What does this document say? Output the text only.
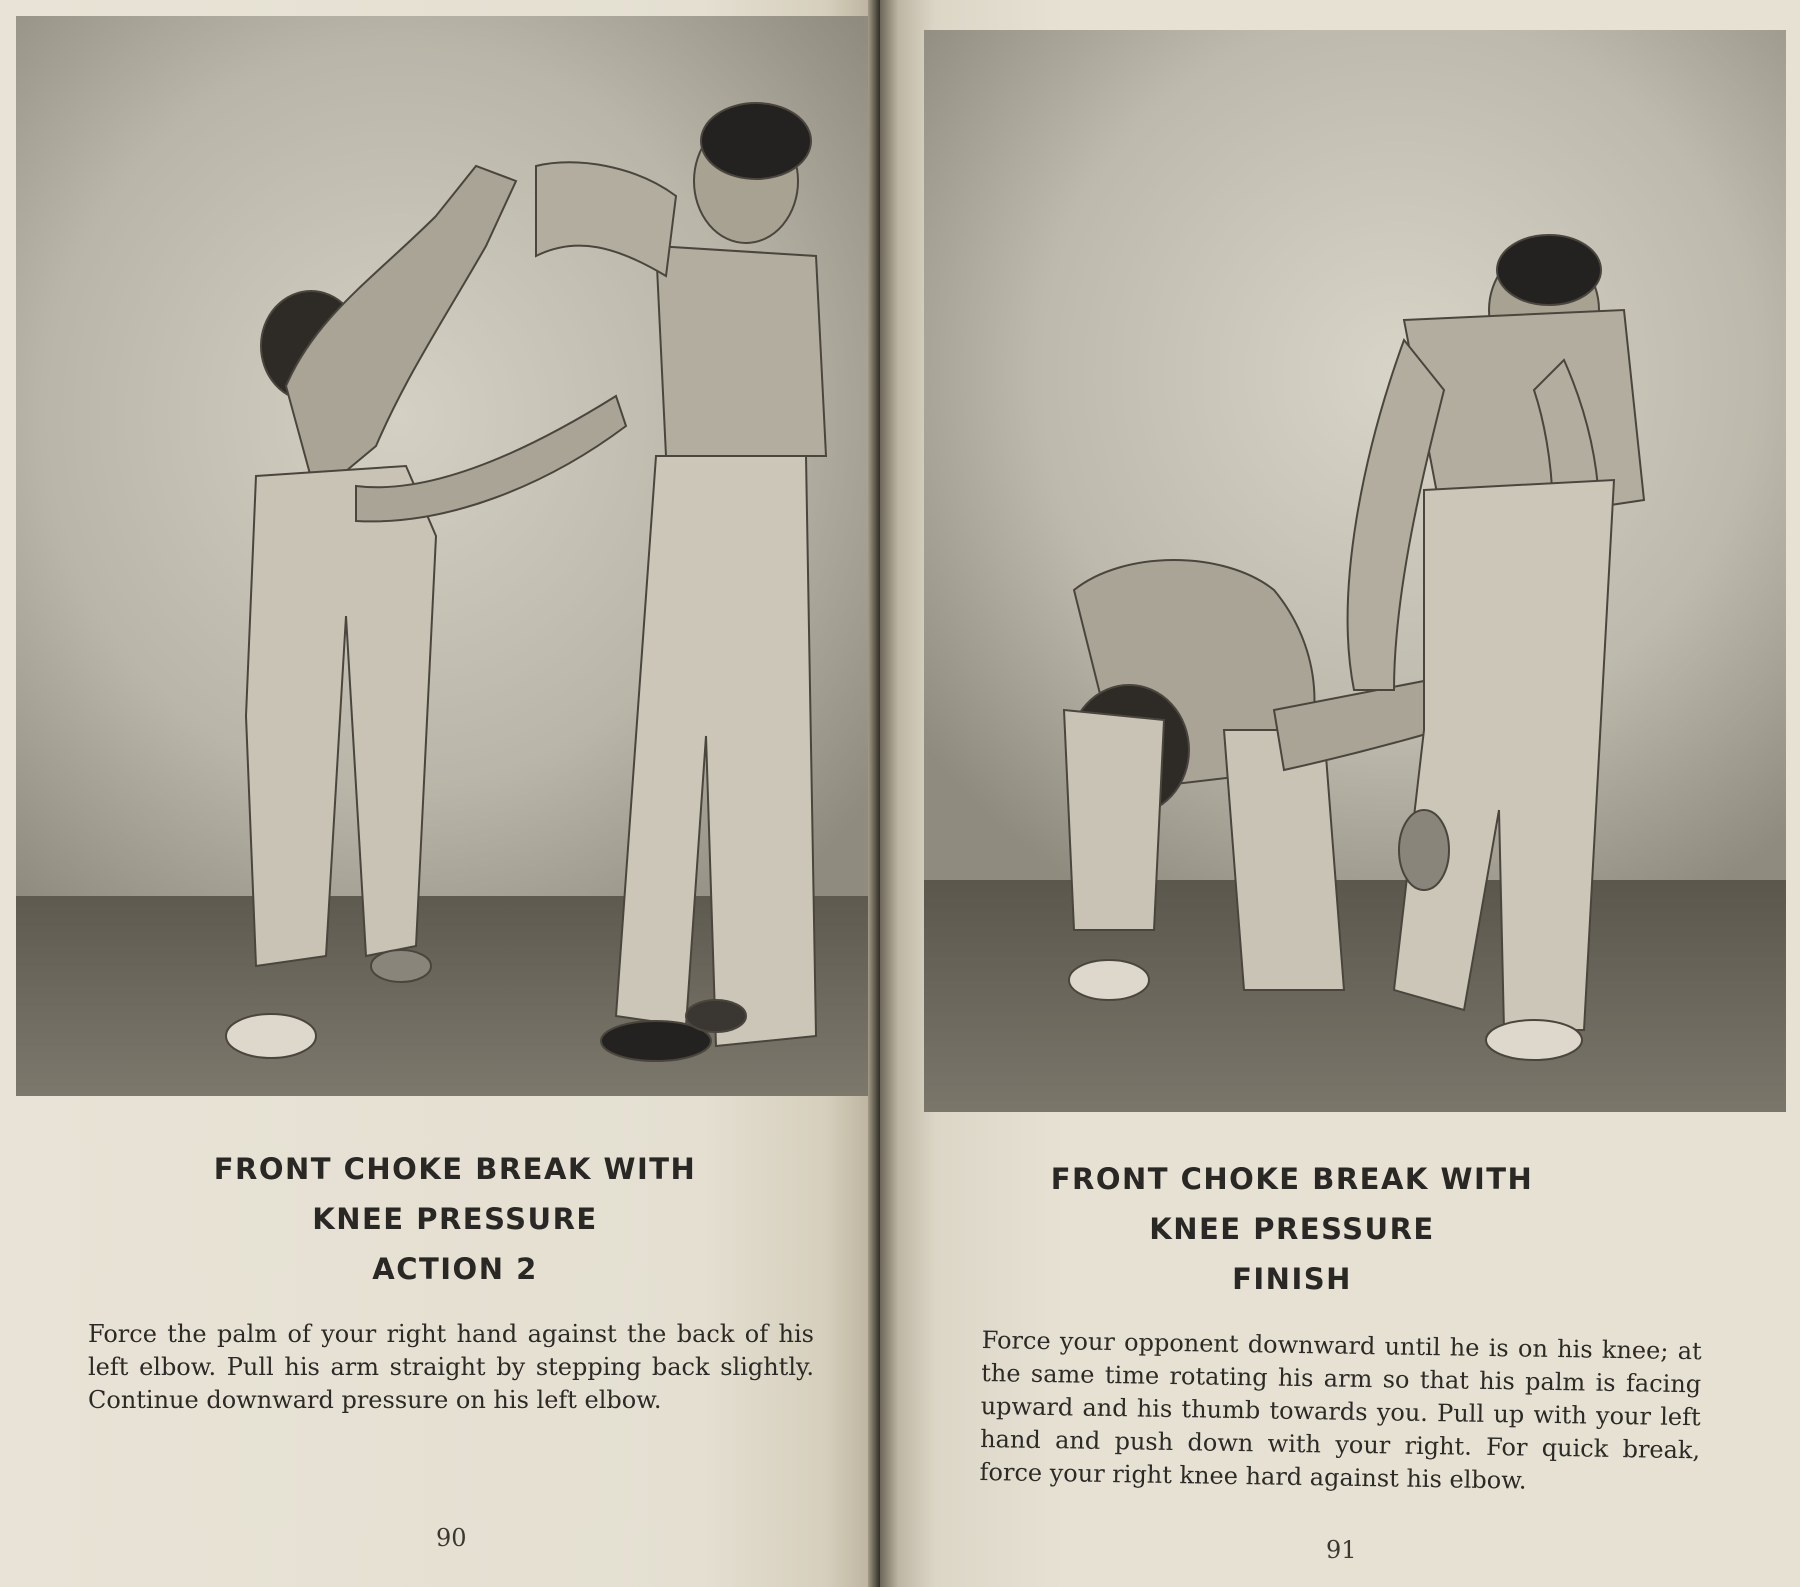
FRONT CHOKE BREAK WITH
KNEE PRESSURE
ACTION 2
Force the palm of your right hand against the back of his left elbow. Pull his arm straight by stepping back slightly. Continue downward pressure on his left elbow.
90
FRONT CHOKE BREAK WITH
KNEE PRESSURE
FINISH
Force your opponent downward until he is on his knee; at the same time rotating his arm so that his palm is facing upward and his thumb towards you. Pull up with your left hand and push down with your right. For quick break, force your right knee hard against his elbow.
91
